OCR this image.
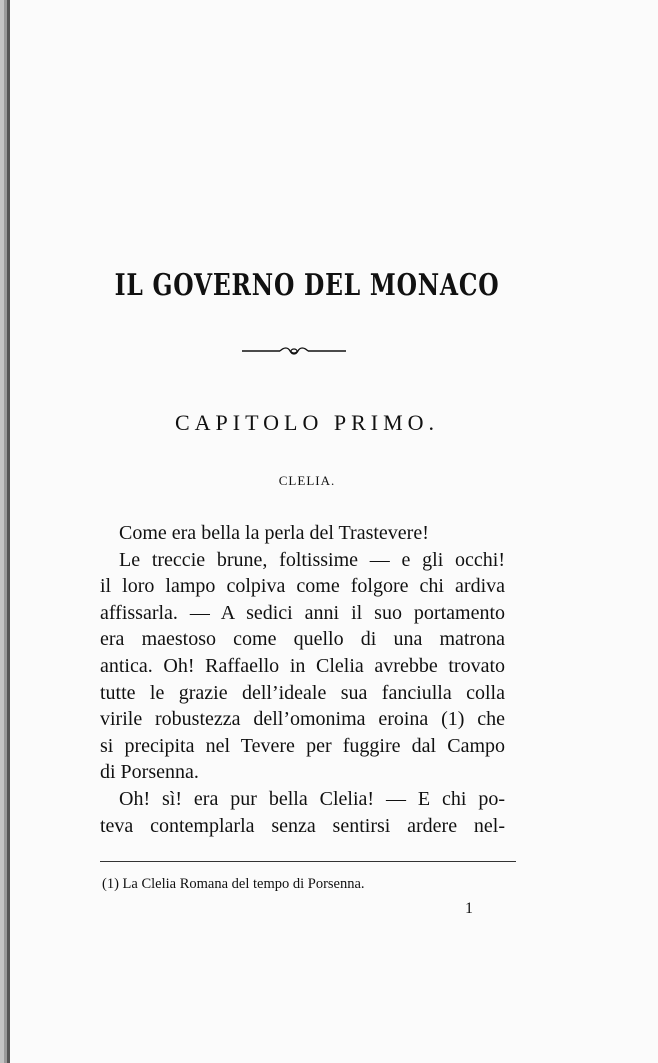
IL GOVERNO DEL MONACO
CAPITOLO PRIMO.
CLELIA.
Come era bella la perla del Trastevere!
Le treccie brune, foltissime — e gli occhi!
il loro lampo colpiva come folgore chi ardiva
affissarla. — A sedici anni il suo portamento
era maestoso come quello di una matrona
antica. Oh! Raffaello in Clelia avrebbe trovato
tutte le grazie dell’ideale sua fanciulla colla
virile robustezza dell’omonima eroina (1) che
si precipita nel Tevere per fuggire dal Campo
di Porsenna.
Oh! sì! era pur bella Clelia! — E chi po-
teva contemplarla senza sentirsi ardere nel-
(1) La Clelia Romana del tempo di Porsenna.
1
